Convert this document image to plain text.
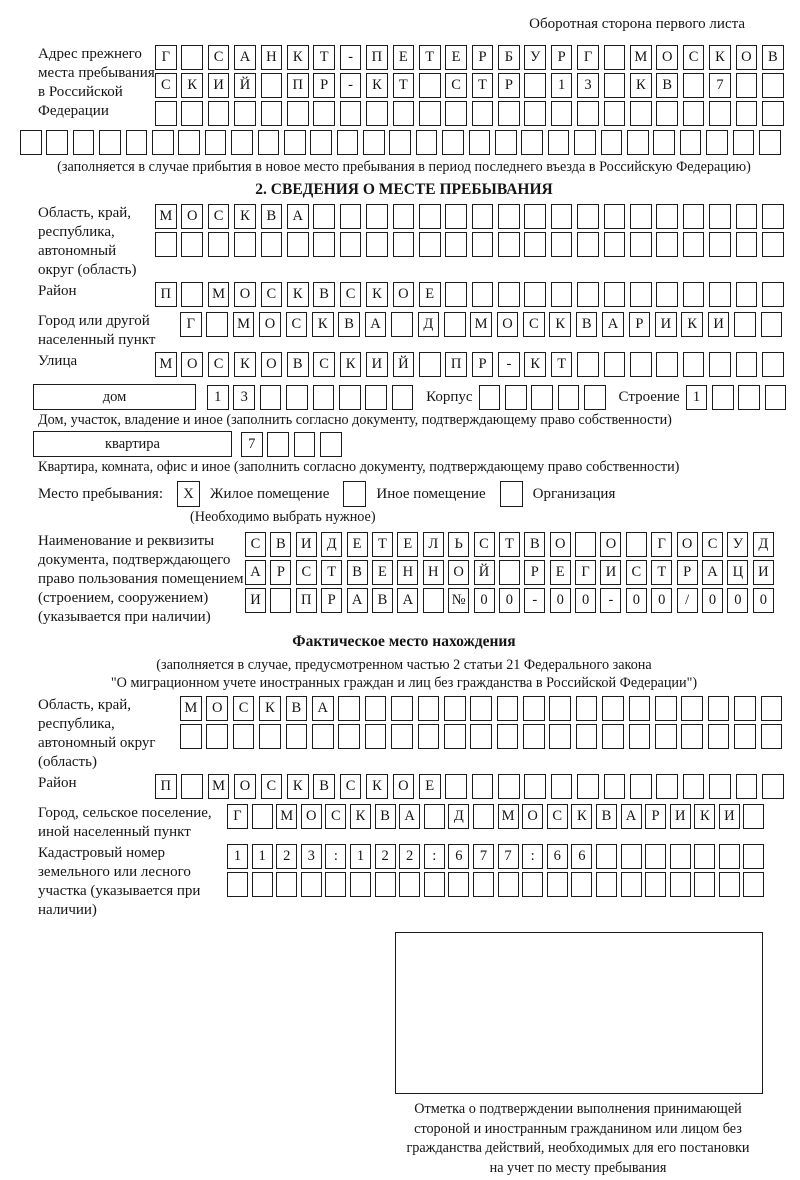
Оборотная сторона первого листа
Адрес прежнего места пребывания в Российской Федерации
Г	С	А	Н	К	Т	-	П	Е	Т	Е	Р	Б	У	Р	Г	М	О	С	К	О	В
С	К	И	Й	П	Р	-	К	Т	С	Т	Р	1	3	К	В	7
(заполняется в случае прибытия в новое место пребывания в период последнего въезда в Российскую Федерацию)
2. СВЕДЕНИЯ О МЕСТЕ ПРЕБЫВАНИЯ
Область, край, республика, автономный округ (область)
М	О	С	К	В	А
Район	П	М	О	С	К	В	С	К	О	Е
Город или другой населенный пункт
Г	М	О	С	К	В	А	Д	М	О	С	К	В	А	Р	И	К	И
Улица	М	О	С	К	О	В	С	К	И	Й	П	Р	-	К	Т
дом	1	3	Корпус	Строение 1
Дом, участок, владение и иное (заполнить согласно документу, подтверждающему право собственности)
квартира	7
Квартира, комната, офис и иное (заполнить согласно документу, подтверждающему право собственности)
Место пребывания:	X	Жилое помещение	Иное помещение	Организация
(Необходимо выбрать нужное)
Наименование и реквизиты документа, подтверждающего право пользования помещением (строением, сооружением) (указывается при наличии)
С	В	И	Д	Е	Т	Е	Л	Ь	С	Т	В	О	О	Г	О	С	У	Д
А	Р	С	Т	В	Е	Н	Н	О	Й	Р	Е	Г	И	С	Т	Р	А	Ц	И
И	П	Р	А	В	А	№	0	0	-	0	0	-	0	0	/	0	0	0
Фактическое место нахождения
(заполняется в случае, предусмотренном частью 2 статьи 21 Федерального закона
"О миграционном учете иностранных граждан и лиц без гражданства в Российской Федерации")
Область, край, республика, автономный округ (область)
М	О	С	К	В	А
Район	П	М	О	С	К	В	С	К	О	Е
Город, сельское поселение, иной населенный пункт
Г	М О	С	К	В	А	Д	М О	С	К	В	А	Р	И	К	И
Кадастровый номер земельного или лесного участка (указывается при наличии)
1	1	2	3	:	1	2	2	:	6	7	7	:	6	6
Отметка о подтверждении выполнения принимающей
стороной и иностранным гражданином или лицом без
гражданства действий, необходимых для его постановки
на учет по месту пребывания
